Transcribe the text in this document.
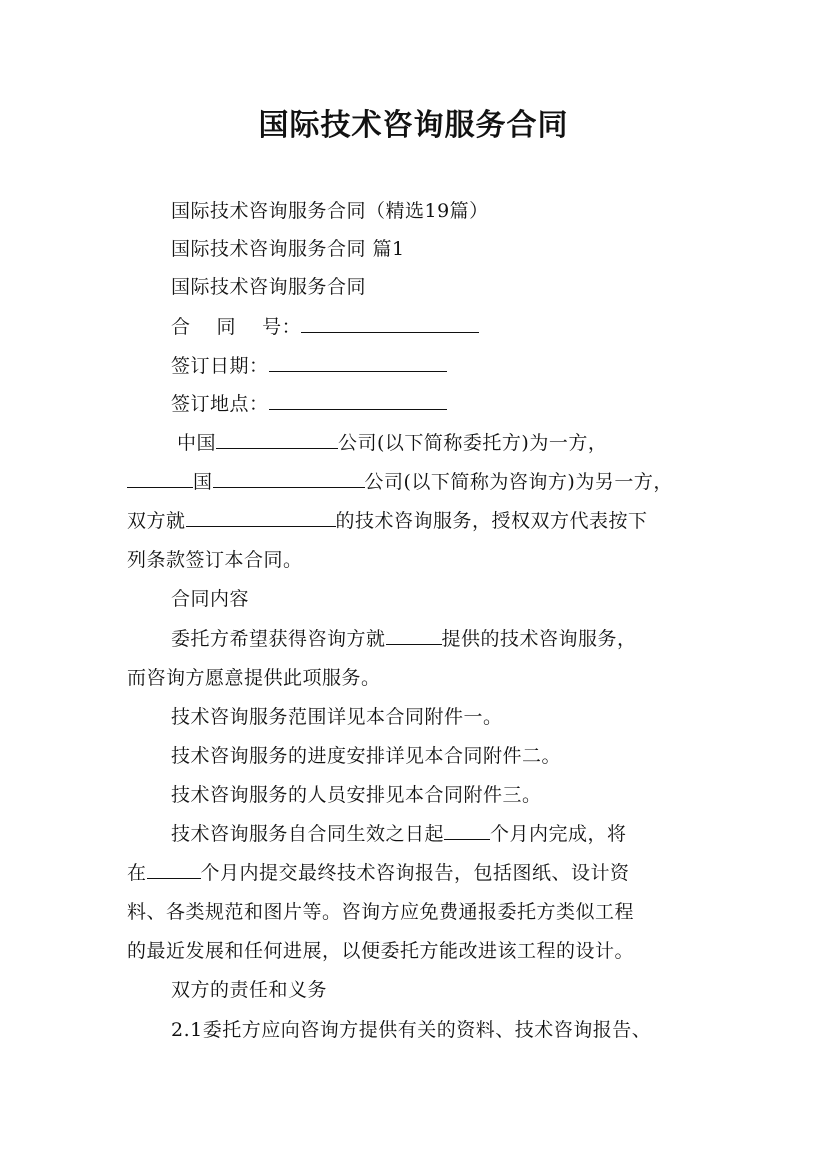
国际技术咨询服务合同
国际技术咨询服务合同（精选19篇）
国际技术咨询服务合同 篇1
国际技术咨询服务合同
合　 同　 号：
签订日期：
签订地点：
中国	公司(以下简称委托方)为一方，
国	公司(以下简称为咨询方)为另一方，
双方就	的技术咨询服务，授权双方代表按下
列条款签订本合同。
合同内容
委托方希望获得咨询方就	提供的技术咨询服务，
而咨询方愿意提供此项服务。
技术咨询服务范围详见本合同附件一。
技术咨询服务的进度安排详见本合同附件二。
技术咨询服务的人员安排见本合同附件三。
技术咨询服务自合同生效之日起 个月内完成，将
在	个月内提交最终技术咨询报告，包括图纸、设计资
料、各类规范和图片等。咨询方应免费通报委托方类似工程
的最近发展和任何进展，以便委托方能改进该工程的设计。
双方的责任和义务
2.1委托方应向咨询方提供有关的资料、技术咨询报告、
